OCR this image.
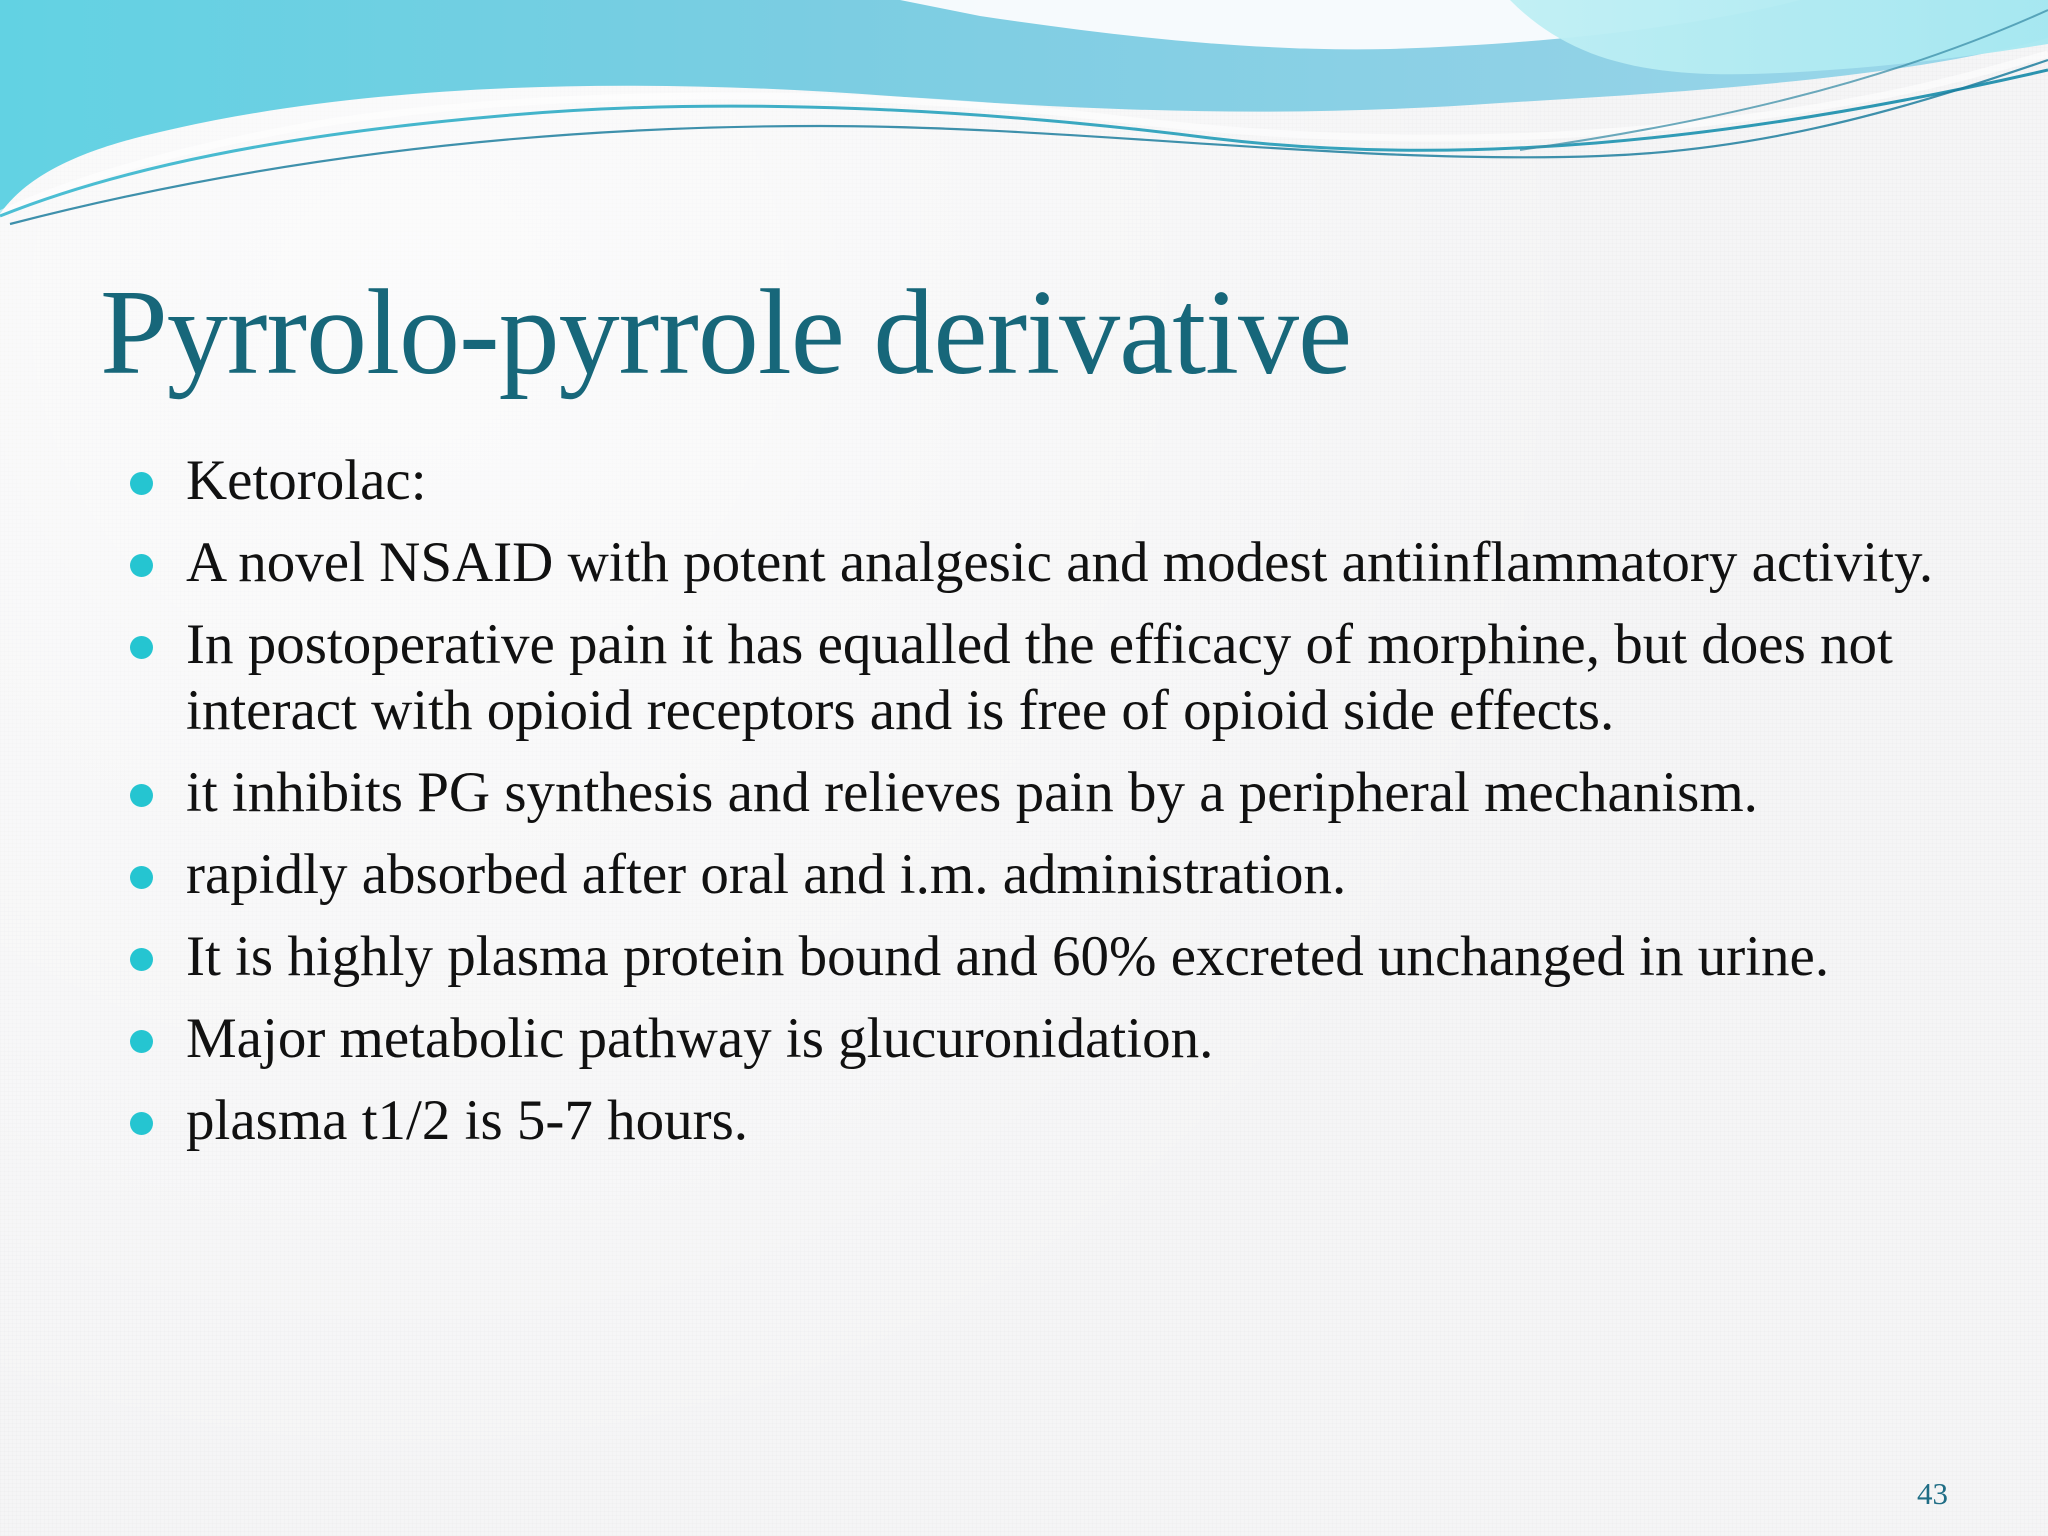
Pyrrolo-pyrrole derivative
Ketorolac:
A novel NSAID with potent analgesic and modest antiinflammatory activity.
In postoperative pain it has equalled the efficacy of morphine, but does not interact with opioid receptors and is free of opioid side effects.
it inhibits PG synthesis and relieves pain by a peripheral mechanism.
rapidly absorbed after oral and i.m. administration.
It is highly plasma protein bound and 60% excreted unchanged in urine.
Major metabolic pathway is glucuronidation.
plasma t1/2 is 5-7 hours.
43
